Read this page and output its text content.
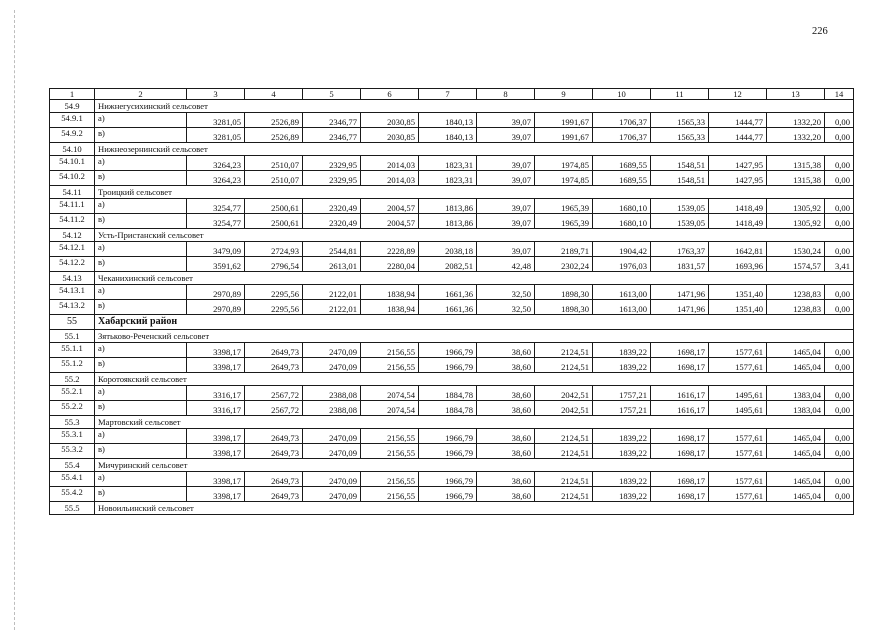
226
1	2	3	4	5	6	7	8	9	10	11	12	13	14
54.9	Нижнегусихинский сельсовет												
54.9.1	а)	3281,05	2526,89	2346,77	2030,85	1840,13	39,07	1991,67	1706,37	1565,33	1444,77	1332,20	0,00
54.9.2	в)	3281,05	2526,89	2346,77	2030,85	1840,13	39,07	1991,67	1706,37	1565,33	1444,77	1332,20	0,00
54.10	Нижнеозернинский сельсовет												
54.10.1	а)	3264,23	2510,07	2329,95	2014,03	1823,31	39,07	1974,85	1689,55	1548,51	1427,95	1315,38	0,00
54.10.2	в)	3264,23	2510,07	2329,95	2014,03	1823,31	39,07	1974,85	1689,55	1548,51	1427,95	1315,38	0,00
54.11	Троицкий сельсовет												
54.11.1	а)	3254,77	2500,61	2320,49	2004,57	1813,86	39,07	1965,39	1680,10	1539,05	1418,49	1305,92	0,00
54.11.2	в)	3254,77	2500,61	2320,49	2004,57	1813,86	39,07	1965,39	1680,10	1539,05	1418,49	1305,92	0,00
54.12	Усть-Пристанский сельсовет												
54.12.1	а)	3479,09	2724,93	2544,81	2228,89	2038,18	39,07	2189,71	1904,42	1763,37	1642,81	1530,24	0,00
54.12.2	в)	3591,62	2796,54	2613,01	2280,04	2082,51	42,48	2302,24	1976,03	1831,57	1693,96	1574,57	3,41
54.13	Чеканихинский сельсовет												
54.13.1	а)	2970,89	2295,56	2122,01	1838,94	1661,36	32,50	1898,30	1613,00	1471,96	1351,40	1238,83	0,00
54.13.2	в)	2970,89	2295,56	2122,01	1838,94	1661,36	32,50	1898,30	1613,00	1471,96	1351,40	1238,83	0,00
55	Хабарский район												
55.1	Зятьково-Реченский сельсовет												
55.1.1	а)	3398,17	2649,73	2470,09	2156,55	1966,79	38,60	2124,51	1839,22	1698,17	1577,61	1465,04	0,00
55.1.2	в)	3398,17	2649,73	2470,09	2156,55	1966,79	38,60	2124,51	1839,22	1698,17	1577,61	1465,04	0,00
55.2	Коротоякский сельсовет												
55.2.1	а)	3316,17	2567,72	2388,08	2074,54	1884,78	38,60	2042,51	1757,21	1616,17	1495,61	1383,04	0,00
55.2.2	в)	3316,17	2567,72	2388,08	2074,54	1884,78	38,60	2042,51	1757,21	1616,17	1495,61	1383,04	0,00
55.3	Мартовский сельсовет												
55.3.1	а)	3398,17	2649,73	2470,09	2156,55	1966,79	38,60	2124,51	1839,22	1698,17	1577,61	1465,04	0,00
55.3.2	в)	3398,17	2649,73	2470,09	2156,55	1966,79	38,60	2124,51	1839,22	1698,17	1577,61	1465,04	0,00
55.4	Мичуринский сельсовет												
55.4.1	а)	3398,17	2649,73	2470,09	2156,55	1966,79	38,60	2124,51	1839,22	1698,17	1577,61	1465,04	0,00
55.4.2	в)	3398,17	2649,73	2470,09	2156,55	1966,79	38,60	2124,51	1839,22	1698,17	1577,61	1465,04	0,00
55.5	Новоильинский сельсовет												
